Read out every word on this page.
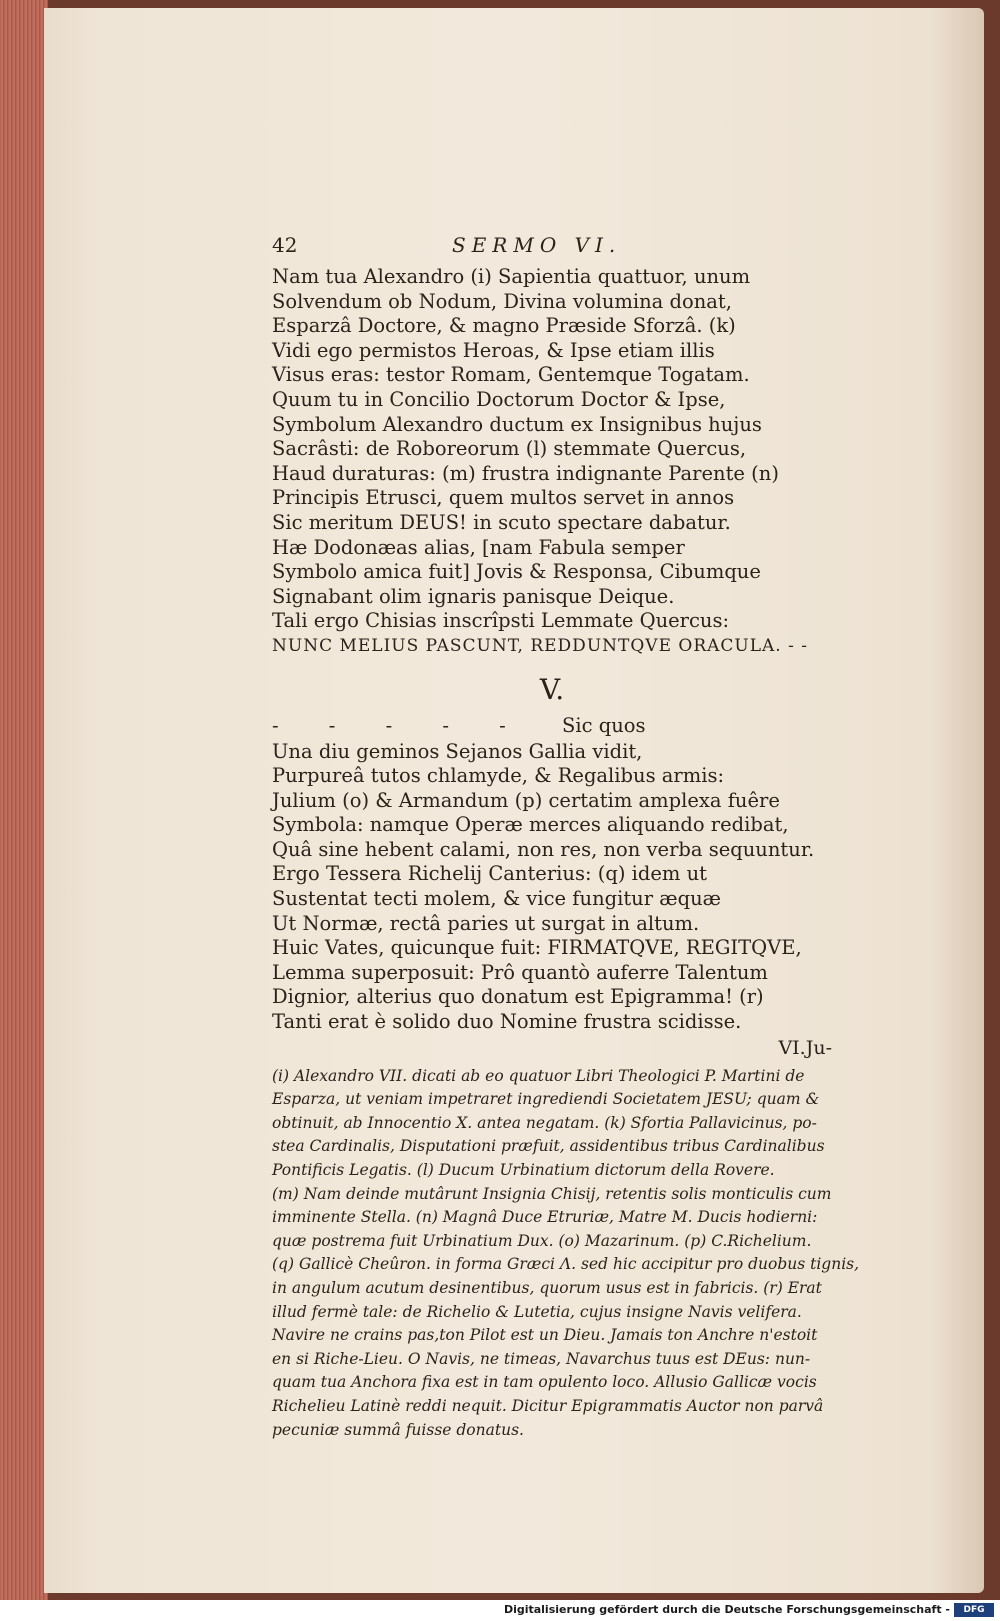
42	SERMO VI.
Nam tua Alexandro (i) Sapientia quattuor, unum
Solvendum ob Nodum, Divina volumina donat,
Esparzâ Doctore, & magno Præside Sforzâ. (k)
Vidi ego permistos Heroas, & Ipse etiam illis
Visus eras: testor Romam, Gentemque Togatam.
Quum tu in Concilio Doctorum Doctor & Ipse,
Symbolum Alexandro ductum ex Insignibus hujus
Sacrâsti: de Roboreorum (l) stemmate Quercus,
Haud duraturas: (m) frustra indignante Parente (n)
Principis Etrusci, quem multos servet in annos
Sic meritum DEUS! in scuto spectare dabatur.
Hæ Dodonæas alias, [nam Fabula semper
Symbolo amica fuit] Jovis & Responsa, Cibumque
Signabant olim ignaris panisque Deique.
Tali ergo Chisias inscrîpsti Lemmate Quercus:
NUNC MELIUS PASCUNT, REDDUNTQVE ORACULA. - -
V.
- - - - - Sic quos
Una diu geminos Sejanos Gallia vidit,
Purpureâ tutos chlamyde, & Regalibus armis:
Julium (o) & Armandum (p) certatim amplexa fuêre
Symbola: namque Operæ merces aliquando redibat,
Quâ sine hebent calami, non res, non verba sequuntur.
Ergo Tessera Richelij Canterius: (q) idem ut
Sustentat tecti molem, & vice fungitur æquæ
Ut Normæ, rectâ paries ut surgat in altum.
Huic Vates, quicunque fuit: FIRMATQVE, REGITQVE,
Lemma superposuit: Prô quantò auferre Talentum
Dignior, alterius quo donatum est Epigramma! (r)
Tanti erat è solido duo Nomine frustra scidisse.
VI.Ju-
(i) Alexandro VII. dicati ab eo quatuor Libri Theologici P. Martini de
Esparza, ut veniam impetraret ingrediendi Societatem JESU; quam &
obtinuit, ab Innocentio X. antea negatam. (k) Sfortia Pallavicinus, po-
stea Cardinalis, Disputationi præfuit, assidentibus tribus Cardinalibus
Pontificis Legatis. (l) Ducum Urbinatium dictorum della Rovere.
(m) Nam deinde mutârunt Insignia Chisij, retentis solis monticulis cum
imminente Stella. (n) Magnâ Duce Etruriæ, Matre M. Ducis hodierni:
quæ postrema fuit Urbinatium Dux. (o) Mazarinum. (p) C.Richelium.
(q) Gallicè Cheûron. in forma Græci Λ. sed hic accipitur pro duobus tignis,
in angulum acutum desinentibus, quorum usus est in fabricis. (r) Erat
illud fermè tale: de Richelio & Lutetia, cujus insigne Navis velifera.
Navire ne crains pas,ton Pilot est un Dieu. Jamais ton Anchre n'estoit
en si Riche-Lieu. O Navis, ne timeas, Navarchus tuus est DEus: nun-
quam tua Anchora fixa est in tam opulento loco. Allusio Gallicæ vocis
Richelieu Latinè reddi nequit. Dicitur Epigrammatis Auctor non parvâ
pecuniæ summâ fuisse donatus.
Digitalisierung gefördert durch die Deutsche Forschungsgemeinschaft -	DFG
